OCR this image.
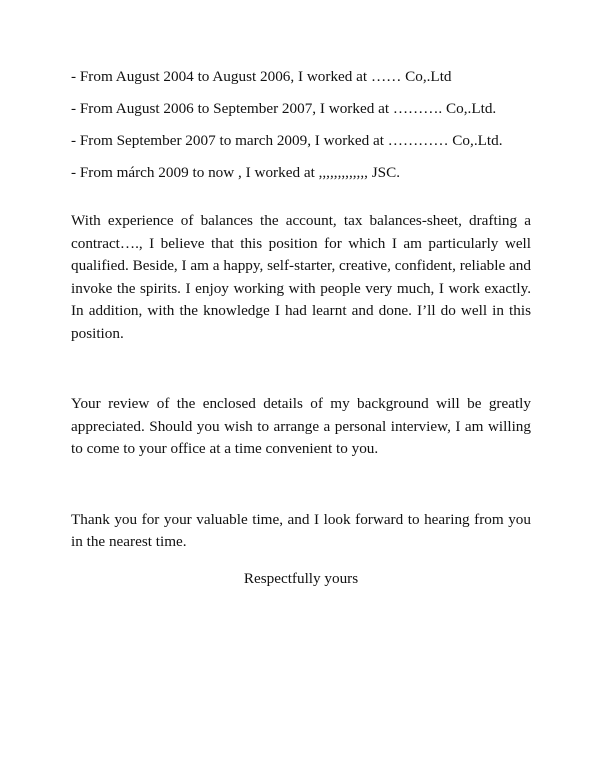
- From August 2004 to August 2006, I worked at …… Co,.Ltd
- From August 2006 to September 2007, I worked at ………. Co,.Ltd.
- From September 2007 to march 2009, I worked at ………… Co,.Ltd.
- From márch 2009 to now , I worked at ,,,,,,,,,,,,, JSC.

With experience of balances the account, tax balances-sheet, drafting a contract…., I believe that this position for which I am particularly well qualified. Beside, I am a happy, self-starter, creative, confident, reliable and invoke the spirits. I enjoy working with people very much, I work exactly. In addition, with the knowledge I had learnt and done. I’ll do well in this position.

Your review of the enclosed details of my background will be greatly appreciated. Should you wish to arrange a personal interview, I am willing to come to your office at a time convenient to you.

Thank you for your valuable time, and I look forward to hearing from you in the nearest time.

Respectfully yours
